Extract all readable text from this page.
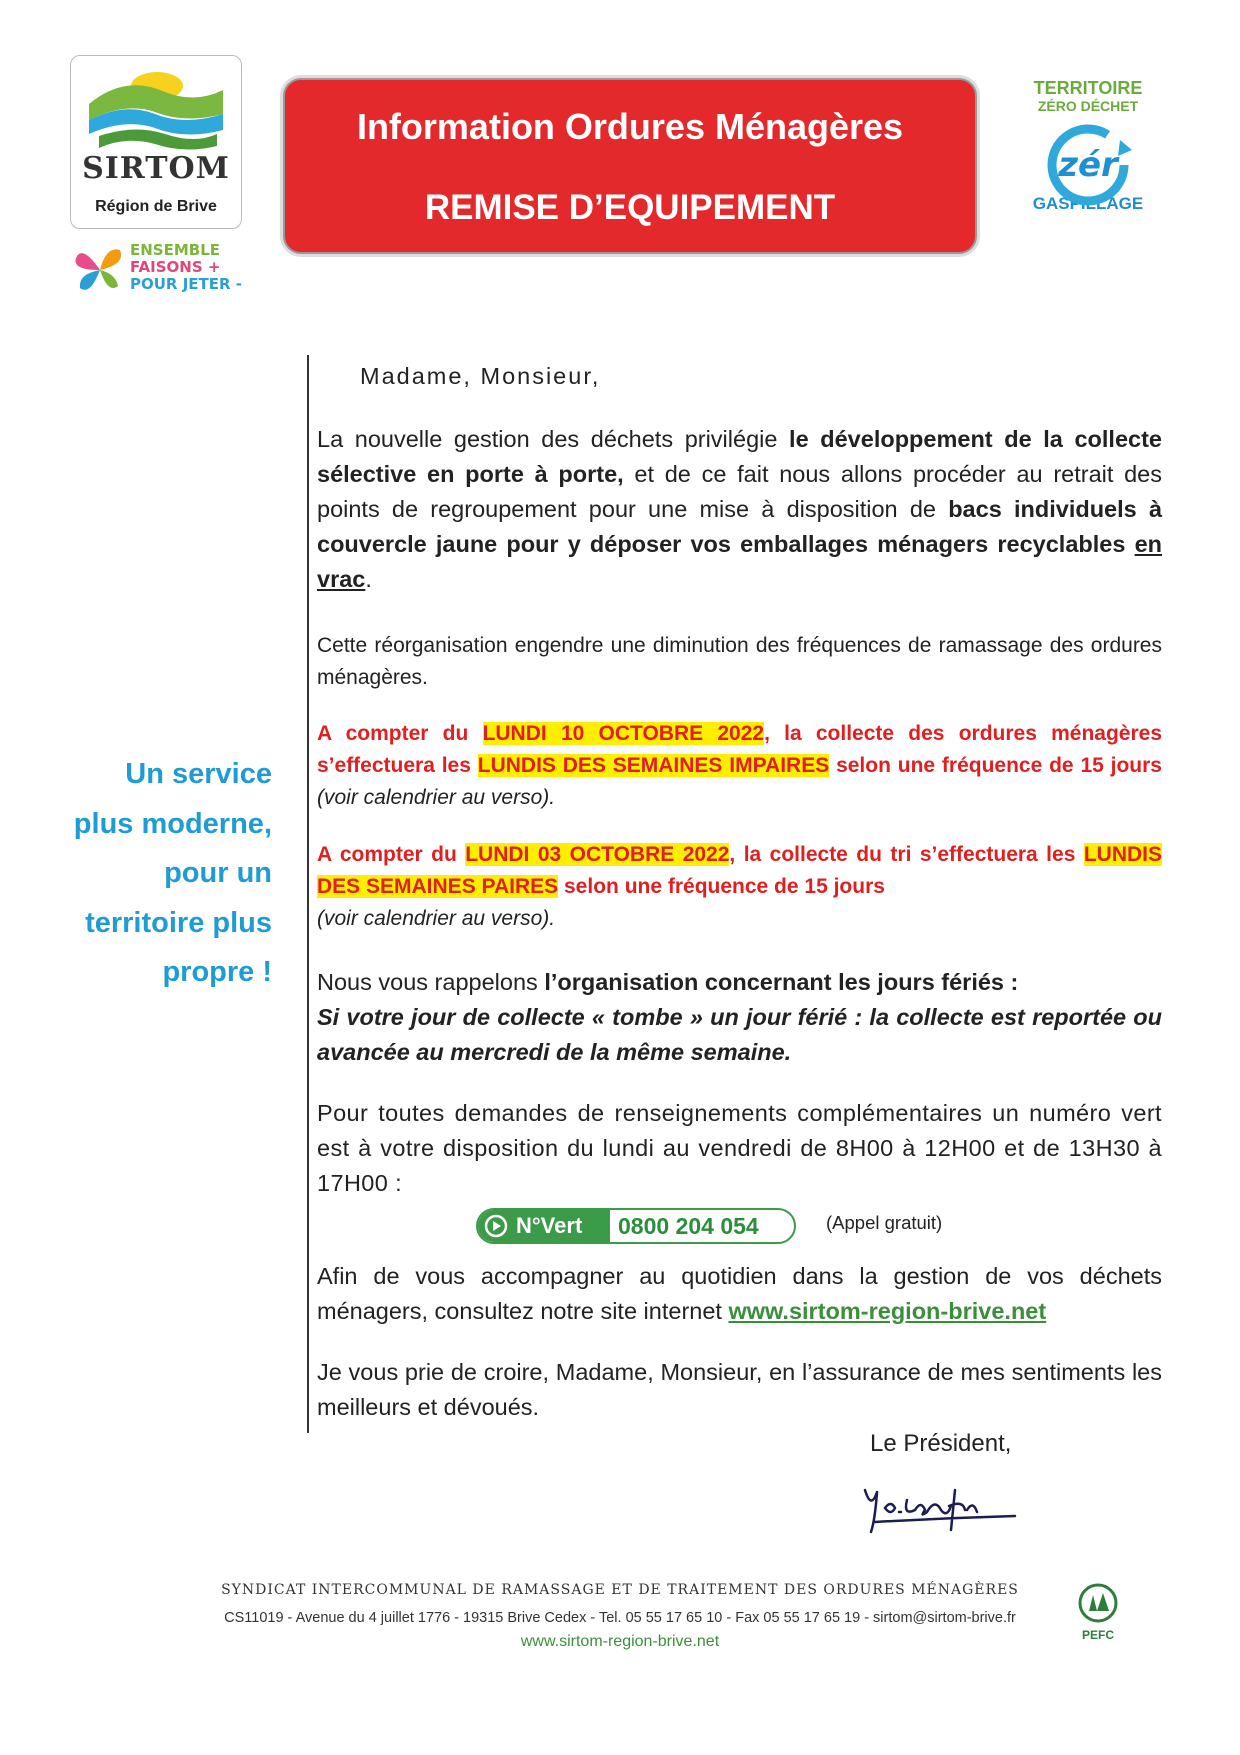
SIRTOM
Région de Brive
ENSEMBLE
FAISONS +
POUR JETER -
Information Ordures Ménagères
REMISE D’EQUIPEMENT
TERRITOIRE
ZÉRO DÉCHET
zér
GASPILLAGE
Un service
plus moderne,
pour un
territoire plus
propre !
Madame, Monsieur,
La nouvelle gestion des déchets privilégie le développement de la collecte sélective en porte à porte, et de ce fait nous allons procéder au retrait des points de regroupement pour une mise à disposition de bacs individuels à couvercle jaune pour y déposer vos emballages ménagers recyclables en vrac.
Cette réorganisation engendre une diminution des fréquences de ramassage des ordures ménagères.
A compter du LUNDI 10 OCTOBRE 2022, la collecte des ordures ménagères s’effectuera les LUNDIS DES SEMAINES IMPAIRES selon une fréquence de 15 jours (voir calendrier au verso).
A compter du LUNDI 03 OCTOBRE 2022, la collecte du tri s’effectuera les LUNDIS DES SEMAINES PAIRES selon une fréquence de 15 jours
(voir calendrier au verso).
Nous vous rappelons l’organisation concernant les jours fériés :
Si votre jour de collecte « tombe » un jour férié : la collecte est reportée ou avancée au mercredi de la même semaine.
Pour toutes demandes de renseignements complémentaires un numéro vert est à votre disposition du lundi au vendredi de 8H00 à 12H00 et de 13H30 à 17H00 :
N°Vert 0800 204 054	(Appel gratuit)
Afin de vous accompagner au quotidien dans la gestion de vos déchets ménagers, consultez notre site internet www.sirtom-region-brive.net
Je vous prie de croire, Madame, Monsieur, en l’assurance de mes sentiments les meilleurs et dévoués.
Le Président,
SYNDICAT INTERCOMMUNAL DE RAMASSAGE ET DE TRAITEMENT DES ORDURES MÉNAGÈRES
CS11019 - Avenue du 4 juillet 1776 - 19315 Brive Cedex - Tel. 05 55 17 65 10 - Fax 05 55 17 65 19 - sirtom@sirtom-brive.fr
www.sirtom-region-brive.net	PEFC
